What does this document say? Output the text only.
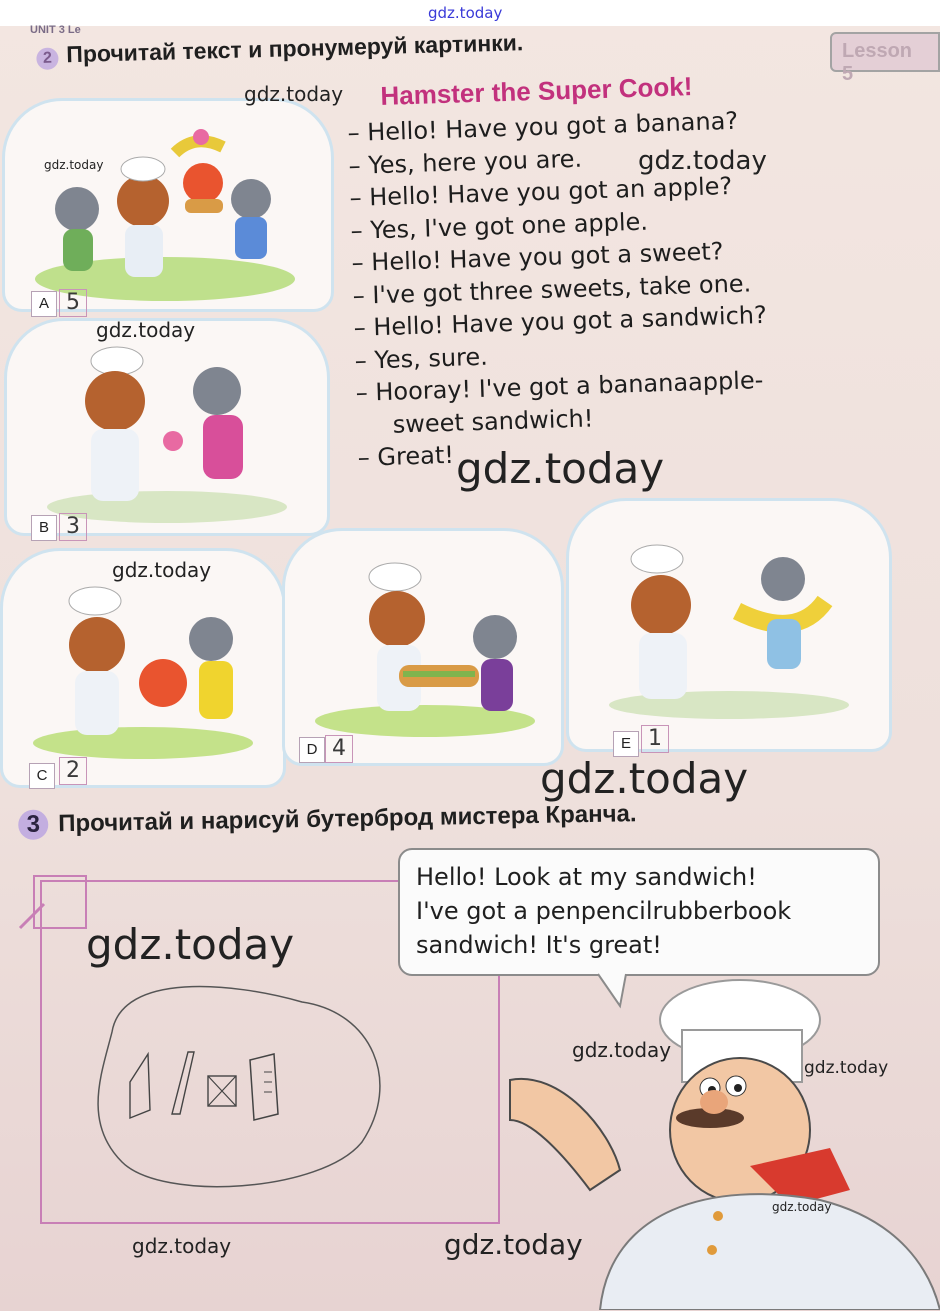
gdz.today
UNIT 3 Le
Lesson 5
2 Прочитай текст и пронумеруй картинки.
Hamster the Super Cook!
– Hello! Have you got a banana?
– Yes, here you are.
– Hello! Have you got an apple?
– Yes, I've got one apple.
– Hello! Have you got a sweet?
– I've got three sweets, take one.
– Hello! Have you got a sandwich?
– Yes, sure.
– Hooray! I've got a bananaapple-
sweet sandwich!
– Great!
A 5
B 3
C 2
D 4	E 1
3 Прочитай и нарисуй бутерброд мистера Кранча.
Hello! Look at my sandwich!
I've got a penpencilrubberbook
sandwich! It's great!
gdz.today
gdz.today	gdz.today
gdz.today
gdz.today
gdz.today
gdz.today
gdz.today
gdz.today
gdz.today
gdz.today
gdz.today	gdz.today
